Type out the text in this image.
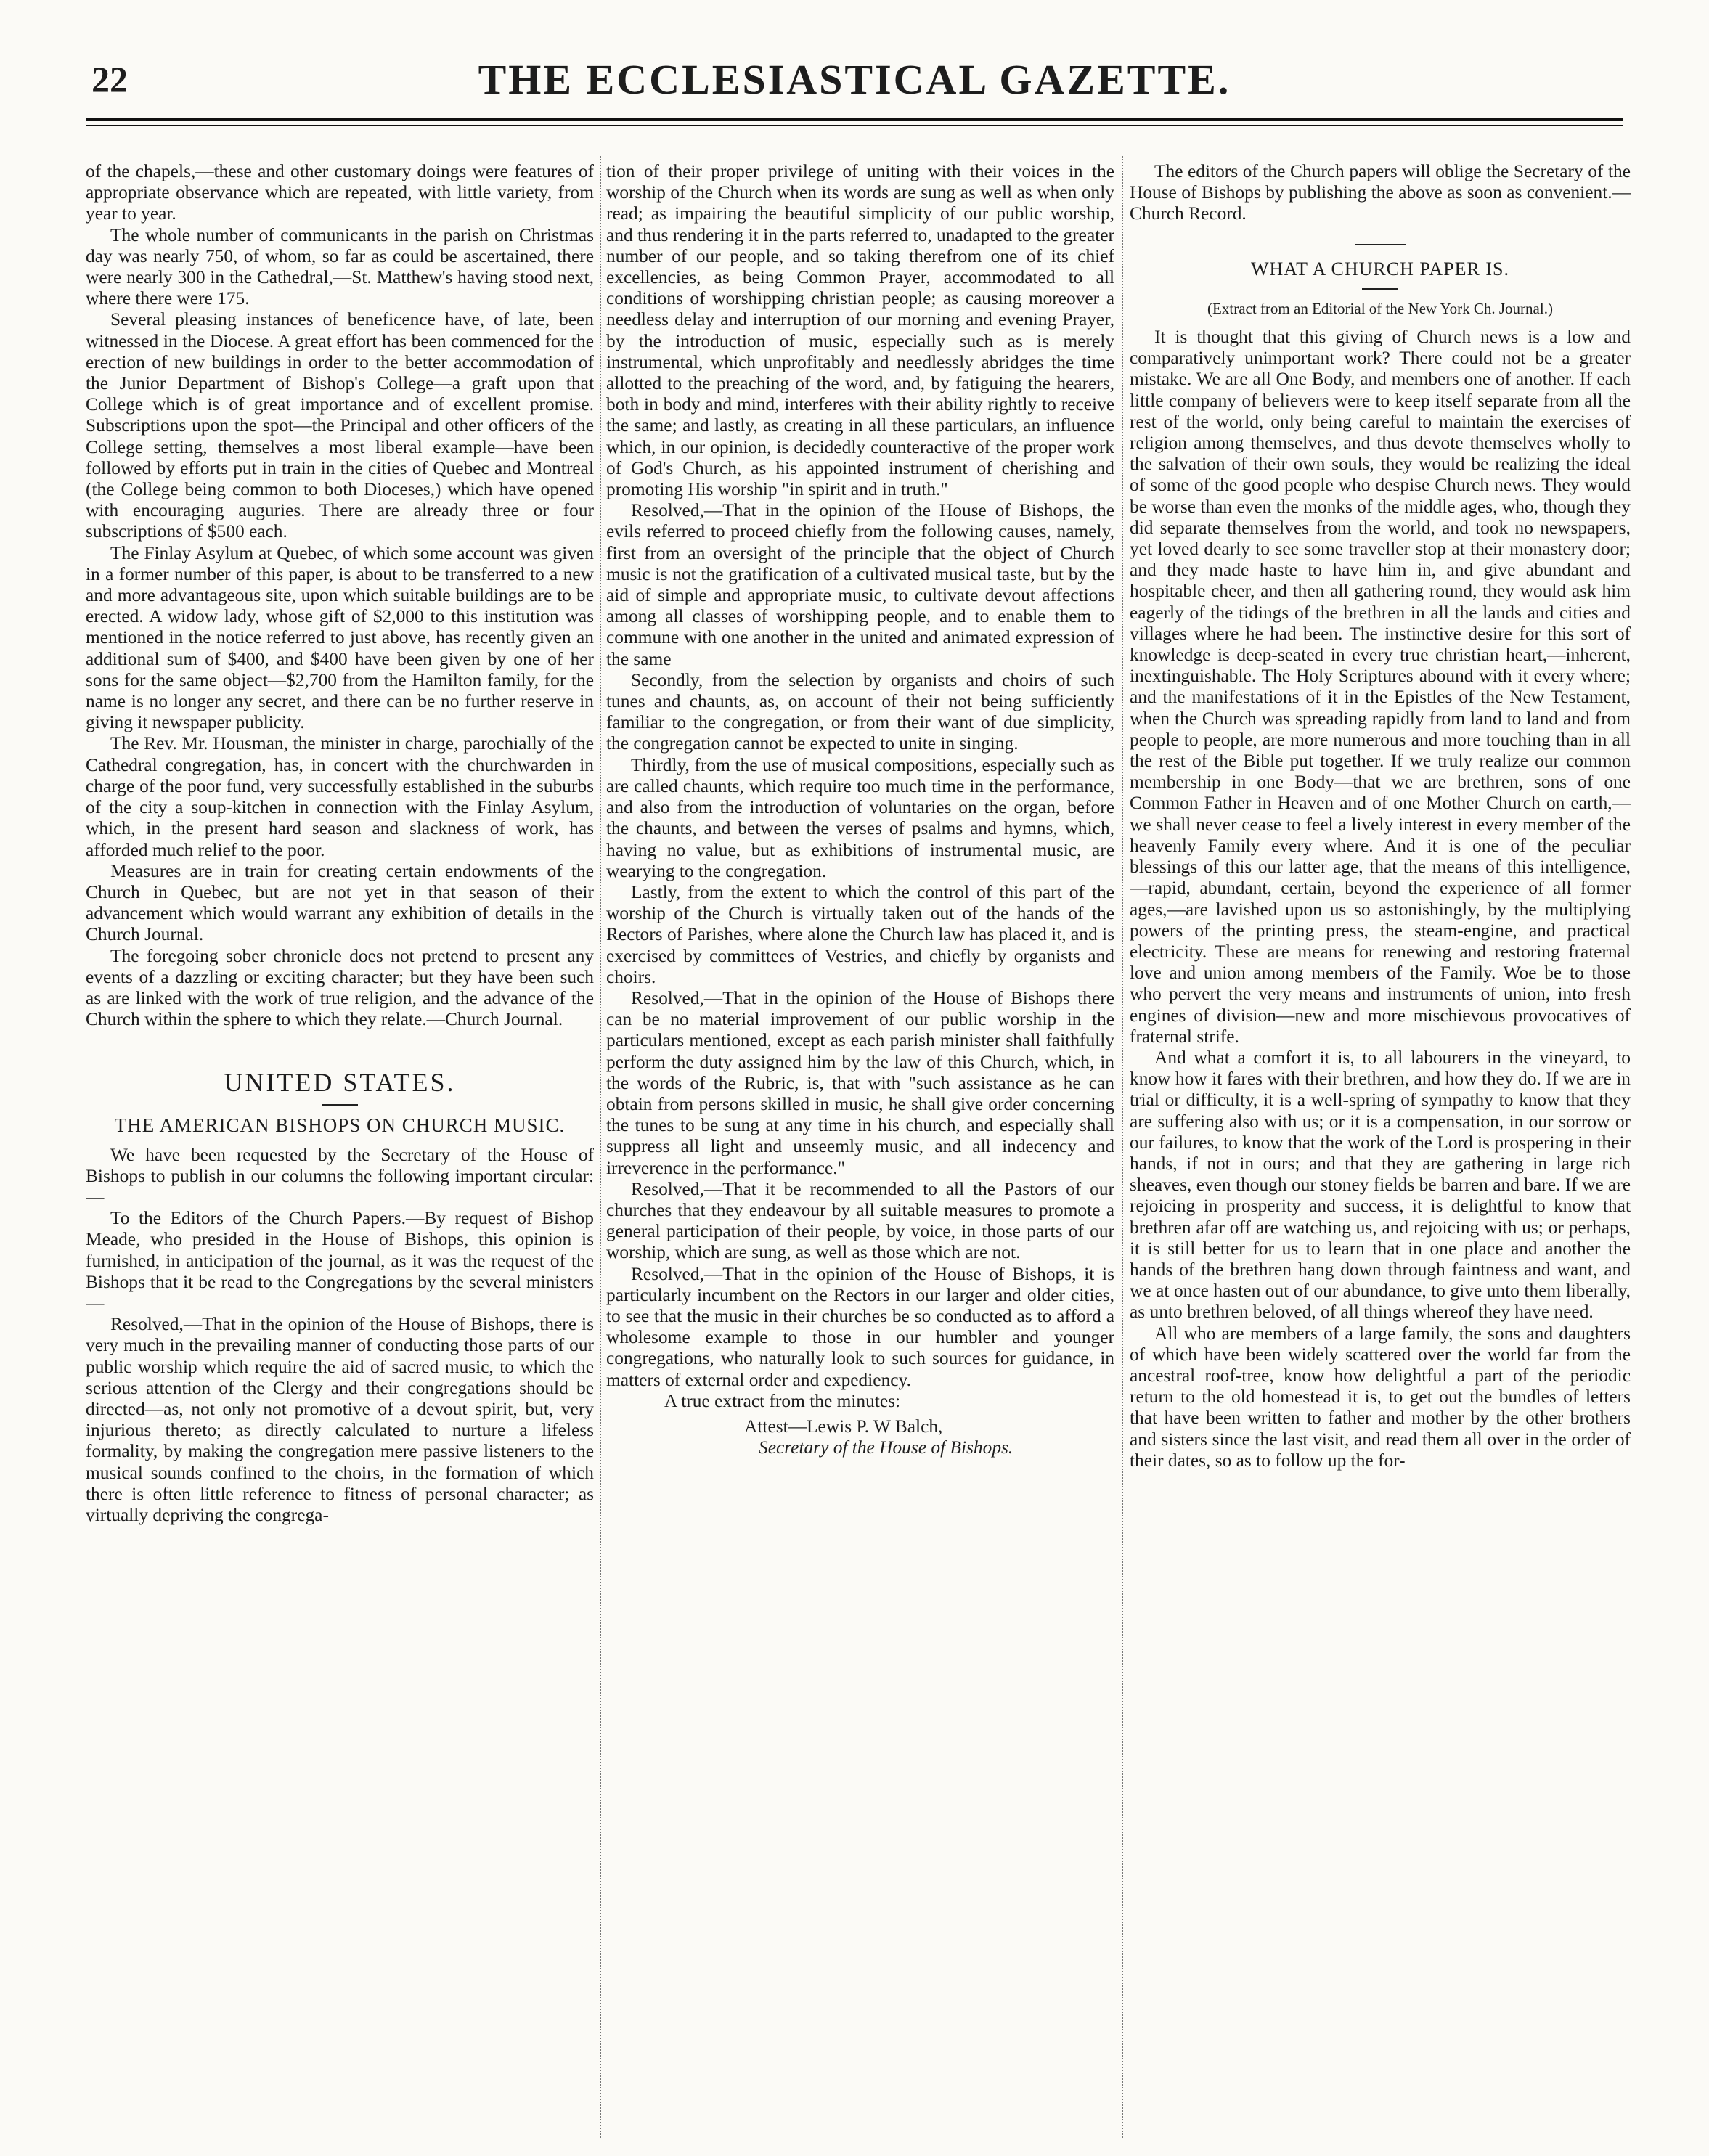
22	THE ECCLESIASTICAL GAZETTE.

of the chapels,—these and other customary doings were features of appropriate observance which are repeated, with little variety, from year to year.

The whole number of communicants in the parish on Christmas day was nearly 750, of whom, so far as could be ascertained, there were nearly 300 in the Cathedral,—St. Matthew's having stood next, where there were 175.

Several pleasing instances of beneficence have, of late, been witnessed in the Diocese. A great effort has been commenced for the erection of new buildings in order to the better accommodation of the Junior Department of Bishop's College—a graft upon that College which is of great importance and of excellent promise. Subscriptions upon the spot—the Principal and other officers of the College setting, themselves a most liberal example—have been followed by efforts put in train in the cities of Quebec and Montreal (the College being common to both Dioceses,) which have opened with encouraging auguries. There are already three or four subscriptions of $500 each.

The Finlay Asylum at Quebec, of which some account was given in a former number of this paper, is about to be transferred to a new and more advantageous site, upon which suitable buildings are to be erected. A widow lady, whose gift of $2,000 to this institution was mentioned in the notice referred to just above, has recently given an additional sum of $400, and $400 have been given by one of her sons for the same object—$2,700 from the Hamilton family, for the name is no longer any secret, and there can be no further reserve in giving it newspaper publicity.

The Rev. Mr. Housman, the minister in charge, parochially of the Cathedral congregation, has, in concert with the churchwarden in charge of the poor fund, very successfully established in the suburbs of the city a soup-kitchen in connection with the Finlay Asylum, which, in the present hard season and slackness of work, has afforded much relief to the poor.

Measures are in train for creating certain endowments of the Church in Quebec, but are not yet in that season of their advancement which would warrant any exhibition of details in the Church Journal.

The foregoing sober chronicle does not pretend to present any events of a dazzling or exciting character; but they have been such as are linked with the work of true religion, and the advance of the Church within the sphere to which they relate.—Church Journal.

UNITED STATES.
THE AMERICAN BISHOPS ON CHURCH MUSIC.

We have been requested by the Secretary of the House of Bishops to publish in our columns the following important circular:—

To the Editors of the Church Papers.—By request of Bishop Meade, who presided in the House of Bishops, this opinion is furnished, in anticipation of the journal, as it was the request of the Bishops that it be read to the Congregations by the several ministers—

Resolved,—That in the opinion of the House of Bishops, there is very much in the prevailing manner of conducting those parts of our public worship which require the aid of sacred music, to which the serious attention of the Clergy and their congregations should be directed—as, not only not promotive of a devout spirit, but, very injurious thereto; as directly calculated to nurture a lifeless formality, by making the congregation mere passive listeners to the musical sounds confined to the choirs, in the formation of which there is often little reference to fitness of personal character; as virtually depriving the congrega-

tion of their proper privilege of uniting with their voices in the worship of the Church when its words are sung as well as when only read; as impairing the beautiful simplicity of our public worship, and thus rendering it in the parts referred to, unadapted to the greater number of our people, and so taking therefrom one of its chief excellencies, as being Common Prayer, accommodated to all conditions of worshipping christian people; as causing moreover a needless delay and interruption of our morning and evening Prayer, by the introduction of music, especially such as is merely instrumental, which unprofitably and needlessly abridges the time allotted to the preaching of the word, and, by fatiguing the hearers, both in body and mind, interferes with their ability rightly to receive the same; and lastly, as creating in all these particulars, an influence which, in our opinion, is decidedly counteractive of the proper work of God's Church, as his appointed instrument of cherishing and promoting His worship "in spirit and in truth."

Resolved,—That in the opinion of the House of Bishops, the evils referred to proceed chiefly from the following causes, namely, first from an oversight of the principle that the object of Church music is not the gratification of a cultivated musical taste, but by the aid of simple and appropriate music, to cultivate devout affections among all classes of worshipping people, and to enable them to commune with one another in the united and animated expression of the same

Secondly, from the selection by organists and choirs of such tunes and chaunts, as, on account of their not being sufficiently familiar to the congregation, or from their want of due simplicity, the congregation cannot be expected to unite in singing.

Thirdly, from the use of musical compositions, especially such as are called chaunts, which require too much time in the performance, and also from the introduction of voluntaries on the organ, before the chaunts, and between the verses of psalms and hymns, which, having no value, but as exhibitions of instrumental music, are wearying to the congregation.

Lastly, from the extent to which the control of this part of the worship of the Church is virtually taken out of the hands of the Rectors of Parishes, where alone the Church law has placed it, and is exercised by committees of Vestries, and chiefly by organists and choirs.

Resolved,—That in the opinion of the House of Bishops there can be no material improvement of our public worship in the particulars mentioned, except as each parish minister shall faithfully perform the duty assigned him by the law of this Church, which, in the words of the Rubric, is, that with "such assistance as he can obtain from persons skilled in music, he shall give order concerning the tunes to be sung at any time in his church, and especially shall suppress all light and unseemly music, and all indecency and irreverence in the performance."

Resolved,—That it be recommended to all the Pastors of our churches that they endeavour by all suitable measures to promote a general participation of their people, by voice, in those parts of our worship, which are sung, as well as those which are not.

Resolved,—That in the opinion of the House of Bishops, it is particularly incumbent on the Rectors in our larger and older cities, to see that the music in their churches be so conducted as to afford a wholesome example to those in our humbler and younger congregations, who naturally look to such sources for guidance, in matters of external order and expediency.

A true extract from the minutes:

Attest—Lewis P. W Balch,

Secretary of the House of Bishops.

The editors of the Church papers will oblige the Secretary of the House of Bishops by publishing the above as soon as convenient.—Church Record.

WHAT A CHURCH PAPER IS.
(Extract from an Editorial of the New York Ch. Journal.)

It is thought that this giving of Church news is a low and comparatively unimportant work? There could not be a greater mistake. We are all One Body, and members one of another. If each little company of believers were to keep itself separate from all the rest of the world, only being careful to maintain the exercises of religion among themselves, and thus devote themselves wholly to the salvation of their own souls, they would be realizing the ideal of some of the good people who despise Church news. They would be worse than even the monks of the middle ages, who, though they did separate themselves from the world, and took no newspapers, yet loved dearly to see some traveller stop at their monastery door; and they made haste to have him in, and give abundant and hospitable cheer, and then all gathering round, they would ask him eagerly of the tidings of the brethren in all the lands and cities and villages where he had been. The instinctive desire for this sort of knowledge is deep-seated in every true christian heart,—inherent, inextinguishable. The Holy Scriptures abound with it every where; and the manifestations of it in the Epistles of the New Testament, when the Church was spreading rapidly from land to land and from people to people, are more numerous and more touching than in all the rest of the Bible put together. If we truly realize our common membership in one Body—that we are brethren, sons of one Common Father in Heaven and of one Mother Church on earth,—we shall never cease to feel a lively interest in every member of the heavenly Family every where. And it is one of the peculiar blessings of this our latter age, that the means of this intelligence,—rapid, abundant, certain, beyond the experience of all former ages,—are lavished upon us so astonishingly, by the multiplying powers of the printing press, the steam-engine, and practical electricity. These are means for renewing and restoring fraternal love and union among members of the Family. Woe be to those who pervert the very means and instruments of union, into fresh engines of division—new and more mischievous provocatives of fraternal strife.

And what a comfort it is, to all labourers in the vineyard, to know how it fares with their brethren, and how they do. If we are in trial or difficulty, it is a well-spring of sympathy to know that they are suffering also with us; or it is a compensation, in our sorrow or our failures, to know that the work of the Lord is prospering in their hands, if not in ours; and that they are gathering in large rich sheaves, even though our stoney fields be barren and bare. If we are rejoicing in prosperity and success, it is delightful to know that brethren afar off are watching us, and rejoicing with us; or perhaps, it is still better for us to learn that in one place and another the hands of the brethren hang down through faintness and want, and we at once hasten out of our abundance, to give unto them liberally, as unto brethren beloved, of all things whereof they have need.

All who are members of a large family, the sons and daughters of which have been widely scattered over the world far from the ancestral roof-tree, know how delightful a part of the periodic return to the old homestead it is, to get out the bundles of letters that have been written to father and mother by the other brothers and sisters since the last visit, and read them all over in the order of their dates, so as to follow up the for-
